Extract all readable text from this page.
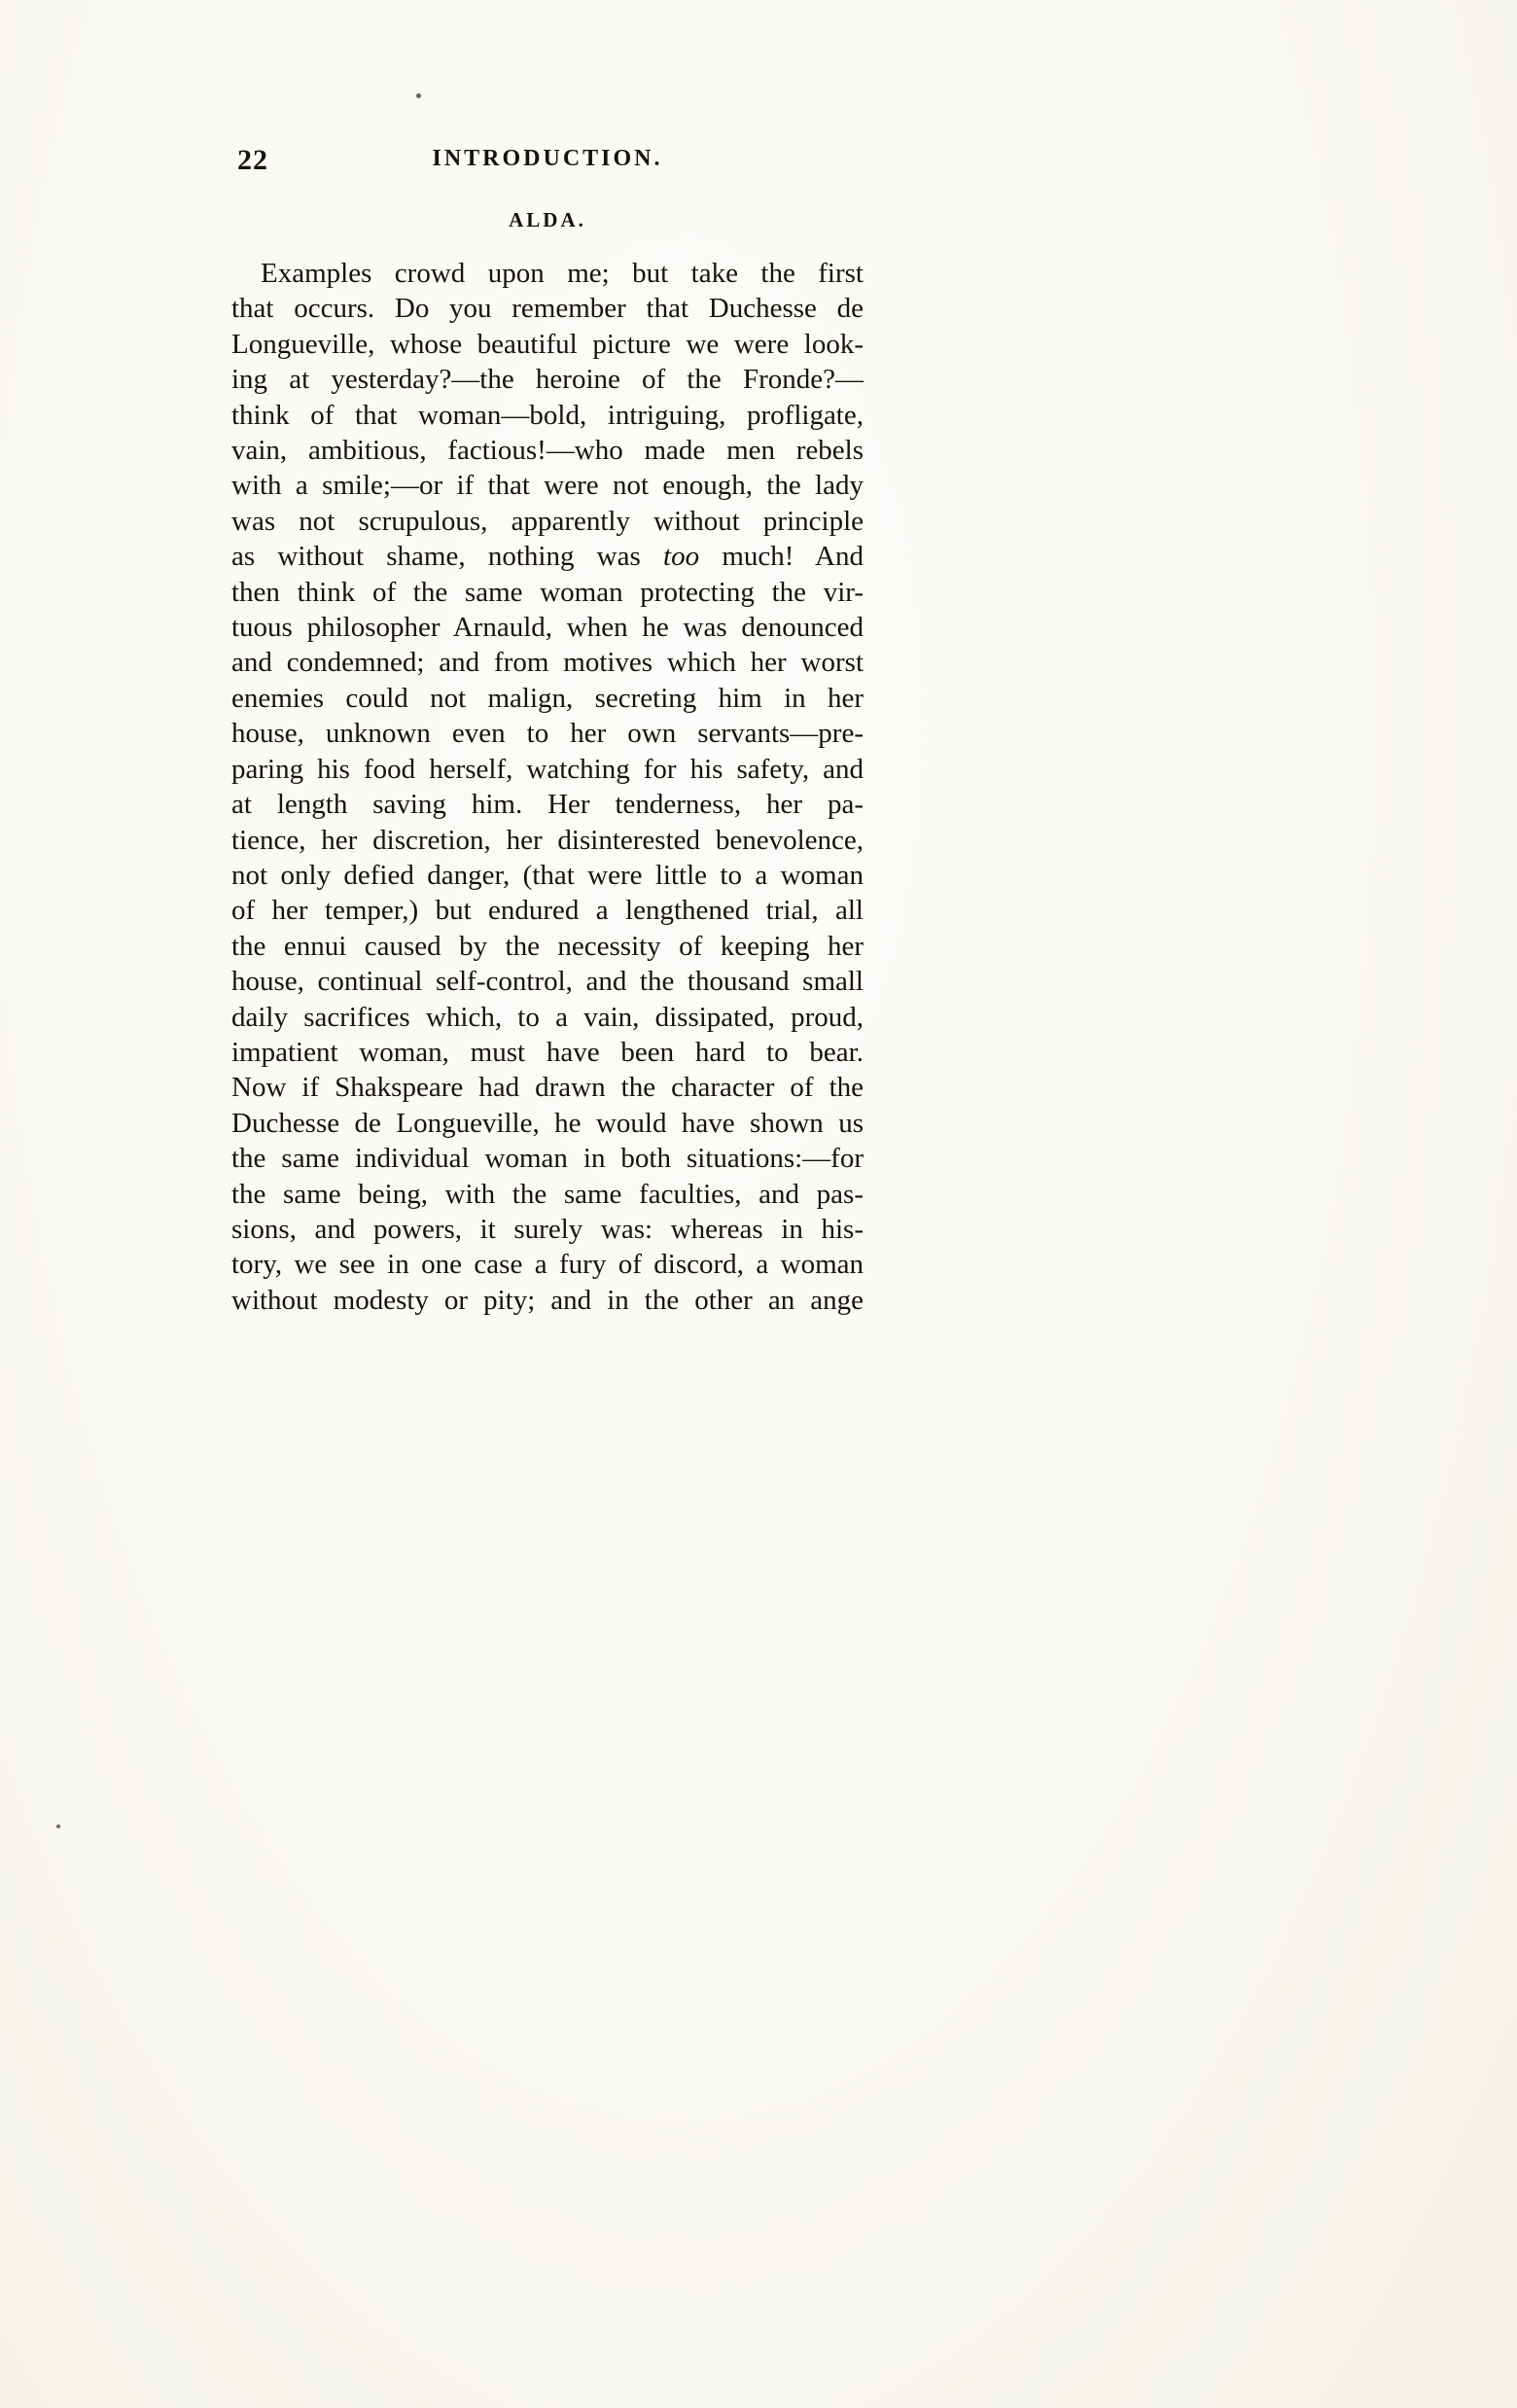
22	INTRODUCTION.
ALDA.
Examples crowd upon me; but take the first
that occurs. Do you remember that Duchesse de
Longueville, whose beautiful picture we were look-
ing at yesterday?—the heroine of the Fronde?—
think of that woman—bold, intriguing, profligate,
vain, ambitious, factious!—who made men rebels
with a smile;—or if that were not enough, the lady
was not scrupulous, apparently without principle
as without shame, nothing was too much! And
then think of the same woman protecting the vir-
tuous philosopher Arnauld, when he was denounced
and condemned; and from motives which her worst
enemies could not malign, secreting him in her
house, unknown even to her own servants—pre-
paring his food herself, watching for his safety, and
at length saving him. Her tenderness, her pa-
tience, her discretion, her disinterested benevolence,
not only defied danger, (that were little to a woman
of her temper,) but endured a lengthened trial, all
the ennui caused by the necessity of keeping her
house, continual self-control, and the thousand small
daily sacrifices which, to a vain, dissipated, proud,
impatient woman, must have been hard to bear.
Now if Shakspeare had drawn the character of the
Duchesse de Longueville, he would have shown us
the same individual woman in both situations:—for
the same being, with the same faculties, and pas-
sions, and powers, it surely was: whereas in his-
tory, we see in one case a fury of discord, a woman
without modesty or pity; and in the other an ange
